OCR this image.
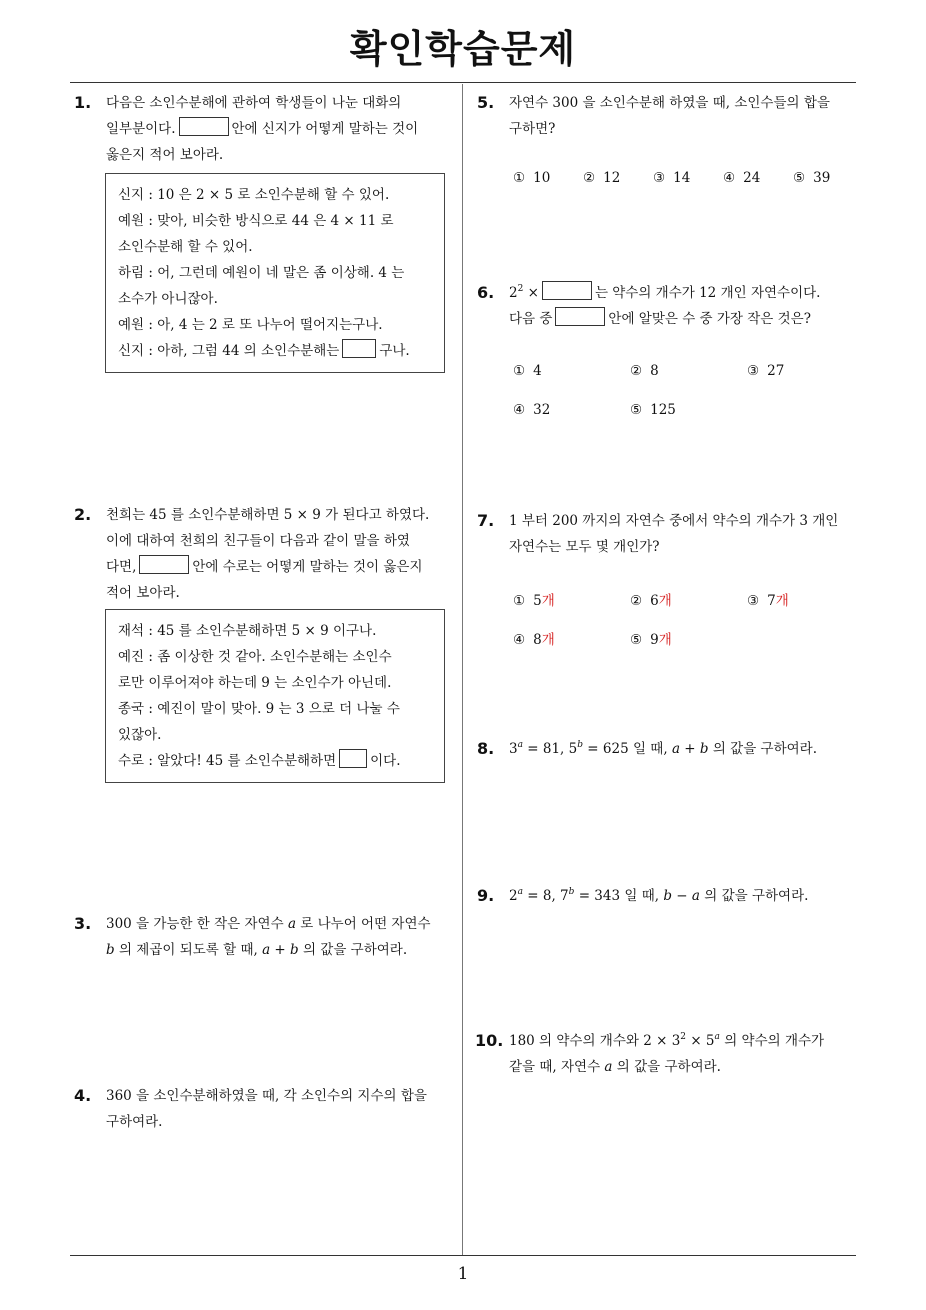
확인학습문제
1
1. 다음은 소인수분해에 관하여 학생들이 나눈 대화의
일부분이다.	안에 신지가 어떻게 말하는 것이
옳은지 적어 보아라.

신지 : 10 은 2 × 5 로 소인수분해 할 수 있어.

예원 : 맞아, 비슷한 방식으로 44 은 4 × 11 로

소인수분해 할 수 있어.

하림 : 어, 그런데 예원이 네 말은 좀 이상해. 4 는

소수가 아니잖아.

예원 : 아, 4 는 2 로 또 나누어 떨어지는구나.

신지 : 아하, 그럼 44 의 소인수분해는	구나.

2. 천희는 45 를 소인수분해하면 5 × 9 가 된다고 하였다.
이에 대하여 천희의 친구들이 다음과 같이 말을 하였
다면,	안에 수로는 어떻게 말하는 것이 옳은지
적어 보아라.

재석 : 45 를 소인수분해하면 5 × 9 이구나.

예진 : 좀 이상한 것 같아. 소인수분해는 소인수

로만 이루어져야 하는데 9 는 소인수가 아닌데.

종국 : 예진이 말이 맞아. 9 는 3 으로 더 나눌 수

있잖아.

수로 : 알았다! 45 를 소인수분해하면	이다.

3. 300 을 가능한 한 작은 자연수 a 로 나누어 어떤 자연수
b 의 제곱이 되도록 할 때, a + b 의 값을 구하여라.
4. 360 을 소인수분해하였을 때, 각 소인수의 지수의 합을
구하여라.
5. 자연수 300 을 소인수분해 하였을 때, 소인수들의 합을
구하면?
① 10 ② 12 ③ 14 ④ 24 ⑤ 39
6. $2^2$ ×	는 약수의 개수가 12 개인 자연수이다.
다음 중	안에 알맞은 수 중 가장 작은 것은?
① 4	② 8	③ 27
④ 32	⑤ 125
7. 1 부터 200 까지의 자연수 중에서 약수의 개수가 3 개인
자연수는 모두 몇 개인가?
① 5개	② 6개	③ 7개
④ 8개	⑤ 9개
8. $3^a = 81$, $5^b = 625$ 일 때, a + b 의 값을 구하여라.
9. $2^a = 8$, $7^b = 343$ 일 때, b − a 의 값을 구하여라.
10. 180 의 약수의 개수와 $2 \times 3^2 \times 5^a$ 의 약수의 개수가
같을 때, 자연수 a 의 값을 구하여라.
